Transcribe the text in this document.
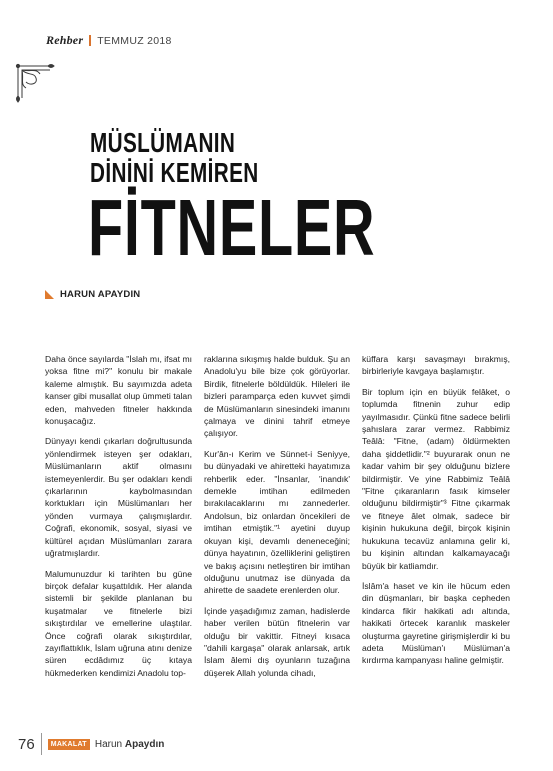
Rehber TEMMUZ 2018
MÜSLÜMANIN
DİNİNİ KEMİREN
FİTNELER
HARUN APAYDIN

Daha önce sayılarda "İslah mı, ifsat mı yoksa fitne mi?" konulu bir makale kaleme almıştık. Bu sayımızda adeta kanser gibi musallat olup ümmeti talan eden, mahveden fitneler hakkında konuşacağız.

Dünyayı kendi çıkarları doğrultusunda yönlendirmek isteyen şer odakları, Müslümanların aktif olmasını istemeyenlerdir. Bu şer odakları kendi çıkarlarının kaybolmasından korktukları için Müslümanları her yönden vurmaya çalışmışlardır. Coğrafi, ekonomik, sosyal, siyasi ve kültürel açıdan Müslümanları zarara uğratmışlardır.

Malumunuzdur ki tarihten bu güne birçok defalar kuşattıldık. Her alanda sistemli bir şekilde planlanan bu kuşatmalar ve fitnelerle bizi sıkıştırdılar ve emellerine ulaştılar. Önce coğrafi olarak sıkıştırdılar, zayıflattıklık, İslam uğruna atını denize süren ecdâdımız üç kıtaya hükmederken kendimizi Anadolu top-

raklarına sıkışmış halde bulduk. Şu an Anadolu'yu bile bize çok görüyorlar. Birdik, fitnelerle böldüldük. Hileleri ile bizleri paramparça eden kuvvet şimdi de Müslümanların sinesindeki imanını çalmaya ve dinini tahrif etmeye çalışıyor.

Kur'ân-ı Kerim ve Sünnet-i Seniyye, bu dünyadaki ve ahiretteki hayatımıza rehberlik eder. "İnsanlar, 'inandık' demekle imtihan edilmeden bırakılacaklarını mı zannederler. Andolsun, biz onlardan öncekileri de imtihan etmiştik."¹ ayetini duyup okuyan kişi, devamlı deneneceğini; dünya hayatının, özelliklerini geliştiren ve bakış açısını netleştiren bir imtihan olduğunu unutmaz ise dünyada da ahirette de saadete erenlerden olur.

İçinde yaşadığımız zaman, hadislerde haber verilen bütün fitnelerin var olduğu bir vakittir. Fitneyi kısaca "dahili kargaşa" olarak anlarsak, artık İslam âlemi dış oyunların tuzağına düşerek Allah yolunda cihadı,

küffara karşı savaşmayı bırakmış, birbirleriyle kavgaya başlamıştır.

Bir toplum için en büyük felâket, o toplumda fitnenin zuhur edip yayılmasıdır. Çünkü fitne sadece belirli şahıslara zarar vermez. Rabbimiz Teâlâ: "Fitne, (adam) öldürmekten daha şiddetlidir."² buyurarak onun ne kadar vahim bir şey olduğunu bizlere bildirmiştir. Ve yine Rabbimiz Teâlâ "Fitne çıkaranların fasık kimseler olduğunu bildirmiştir"³ Fitne çıkarmak ve fitneye âlet olmak, sadece bir kişinin hukukuna değil, birçok kişinin hukukuna tecavüz anlamına gelir ki, bu kişinin altından kalkamayacağı büyük bir katliamdır.

İslâm'a haset ve kin ile hücum eden din düşmanları, bir başka cepheden kindarca fikir hakikati adı altında, hakikati örtecek karanlık maskeler oluşturma gayretine girişmişlerdir ki bu adeta Müslüman'ı Müslüman'a kırdırma kampanyası haline gelmiştir.

76	MAKALAT Harun Apaydın
